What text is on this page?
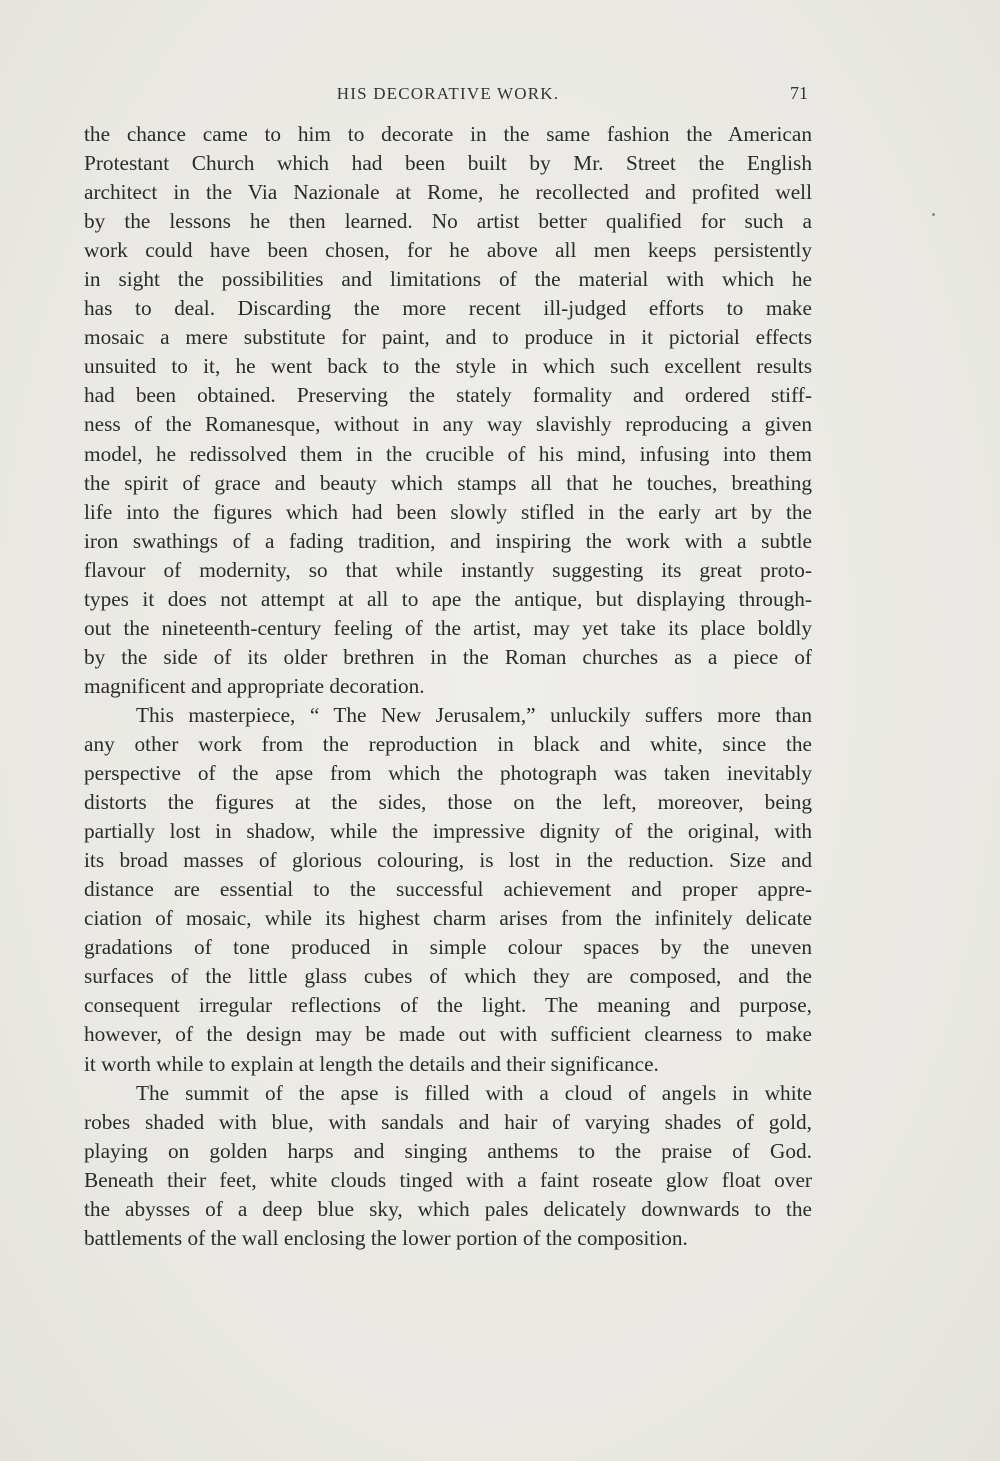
HIS DECORATIVE WORK.	71
the chance came to him to decorate in the same fashion the American
Protestant Church which had been built by Mr. Street the English
architect in the Via Nazionale at Rome, he recollected and profited well
by the lessons he then learned. No artist better qualified for such a
work could have been chosen, for he above all men keeps persistently
in sight the possibilities and limitations of the material with which he
has to deal. Discarding the more recent ill-judged efforts to make
mosaic a mere substitute for paint, and to produce in it pictorial effects
unsuited to it, he went back to the style in which such excellent results
had been obtained. Preserving the stately formality and ordered stiff-
ness of the Romanesque, without in any way slavishly reproducing a given
model, he redissolved them in the crucible of his mind, infusing into them
the spirit of grace and beauty which stamps all that he touches, breathing
life into the figures which had been slowly stifled in the early art by the
iron swathings of a fading tradition, and inspiring the work with a subtle
flavour of modernity, so that while instantly suggesting its great proto-
types it does not attempt at all to ape the antique, but displaying through-
out the nineteenth-century feeling of the artist, may yet take its place boldly
by the side of its older brethren in the Roman churches as a piece of
magnificent and appropriate decoration.
This masterpiece, “ The New Jerusalem,” unluckily suffers more than
any other work from the reproduction in black and white, since the
perspective of the apse from which the photograph was taken inevitably
distorts the figures at the sides, those on the left, moreover, being
partially lost in shadow, while the impressive dignity of the original, with
its broad masses of glorious colouring, is lost in the reduction. Size and
distance are essential to the successful achievement and proper appre-
ciation of mosaic, while its highest charm arises from the infinitely delicate
gradations of tone produced in simple colour spaces by the uneven
surfaces of the little glass cubes of which they are composed, and the
consequent irregular reflections of the light. The meaning and purpose,
however, of the design may be made out with sufficient clearness to make
it worth while to explain at length the details and their significance.
The summit of the apse is filled with a cloud of angels in white
robes shaded with blue, with sandals and hair of varying shades of gold,
playing on golden harps and singing anthems to the praise of God.
Beneath their feet, white clouds tinged with a faint roseate glow float over
the abysses of a deep blue sky, which pales delicately downwards to the
battlements of the wall enclosing the lower portion of the composition.
